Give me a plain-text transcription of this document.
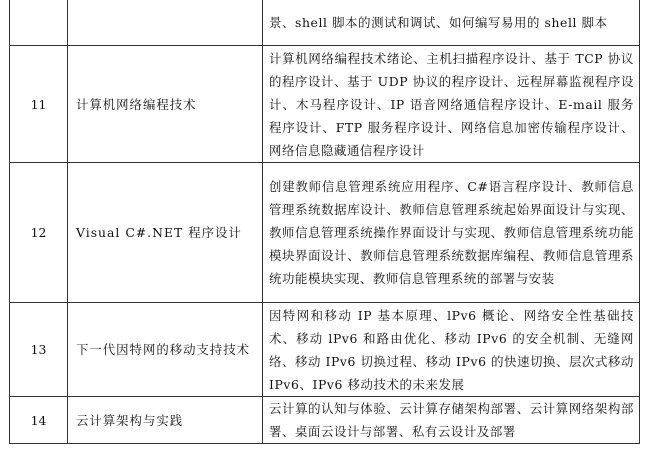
		景、shell 脚本的测试和调试、如何编写易用的 shell 脚本
11	计算机网络编程技术	计算机网络编程技术绪论、主机扫描程序设计、基于 TCP 协议的程序设计、基于 UDP 协议的程序设计、远程屏幕监视程序设计、木马程序设计、IP 语音网络通信程序设计、E-mail 服务程序设计、FTP 服务程序设计、网络信息加密传输程序设计、网络信息隐藏通信程序设计
12	Visual C#.NET 程序设计	创建教师信息管理系统应用程序、C#语言程序设计、教师信息管理系统数据库设计、教师信息管理系统起始界面设计与实现、教师信息管理系统操作界面设计与实现、教师信息管理系统功能模块界面设计、教师信息管理系统数据库编程、教师信息管理系统功能模块实现、教师信息管理系统的部署与安装
13	下一代因特网的移动支持技术	因特网和移动 IP 基本原理、lPv6 概论、网络安全性基础技术、移动 lPv6 和路由优化、移动 IPv6 的安全机制、无缝网络、移动 IPv6 切换过程、移动 IPv6 的快速切换、层次式移动 IPv6、IPv6 移动技术的未来发展
14	云计算架构与实践	云计算的认知与体验、云计算存储架构部署、云计算网络架构部署、桌面云设计与部署、私有云设计及部署
